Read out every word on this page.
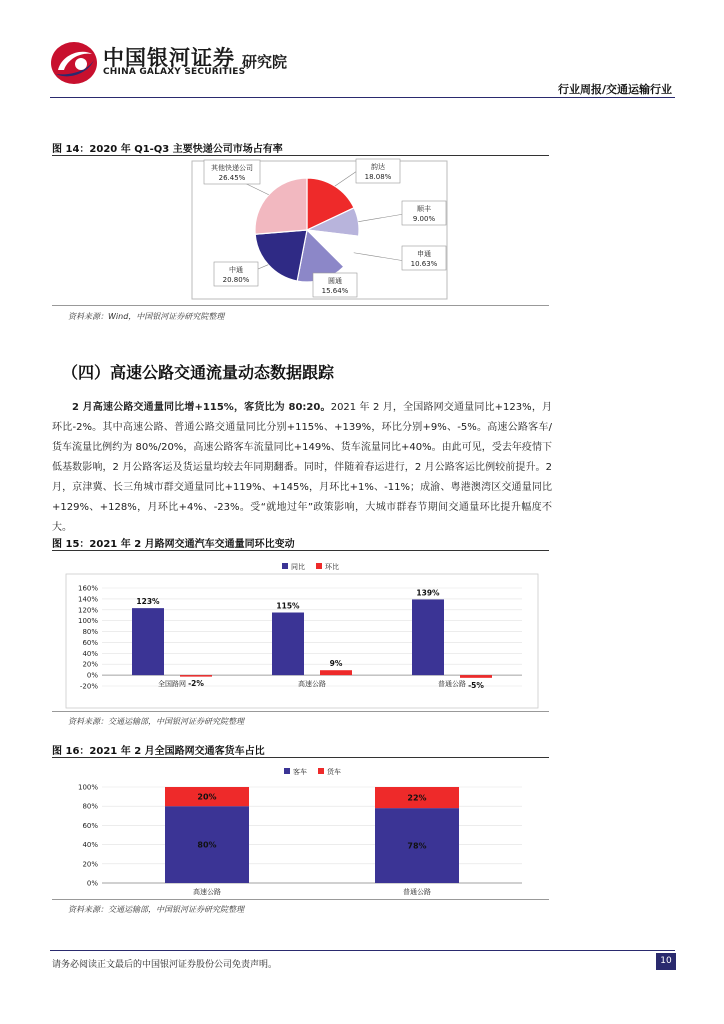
中国银河证券
CHINA GALAXY SECURITIES
研究院
行业周报/交通运输行业
图 14：2020 年 Q1-Q3 主要快递公司市场占有率
韵达
18.08%
顺丰
9.00%
申通
10.63%
圆通
15.64%
中通
20.80%
其他快递公司
26.45%
资料来源：Wind，中国银河证券研究院整理
（四）高速公路交通流量动态数据跟踪
2 月高速公路交通量同比增+115%，客货比为 80:20。2021 年 2 月，全国路网交通量同比+123%，月环比-2%。其中高速公路、普通公路交通量同比分别+115%、+139%，环比分别+9%、-5%。高速公路客车/货车流量比例约为 80%/20%，高速公路客车流量同比+149%、货车流量同比+40%。由此可见，受去年疫情下低基数影响，2 月公路客运及货运量均较去年同期翻番。同时，伴随着春运进行，2 月公路客运比例较前提升。2 月，京津冀、长三角城市群交通量同比+119%、+145%，月环比+1%、-11%；成渝、粤港澳湾区交通量同比+129%、+128%，月环比+4%、-23%。受“就地过年”政策影响，大城市群春节期间交通量环比提升幅度不大。
图 15：2021 年 2 月路网交通汽车交通量同环比变动
同比	环比
-20%
0%
20%
40%
60%
80%
100%
120%
140%
160%
123%
-2%
全国路网
115%
9%
高速公路
139%
-5%
普通公路
资料来源：交通运输部，中国银河证券研究院整理
图 16：2021 年 2 月全国路网交通客货车占比
客车	货车
0%
20%
40%
60%
80%
100%
80%
20%
高速公路
78%
22%
普通公路
资料来源：交通运输部，中国银河证券研究院整理
请务必阅读正文最后的中国银河证券股份公司免责声明。	10
